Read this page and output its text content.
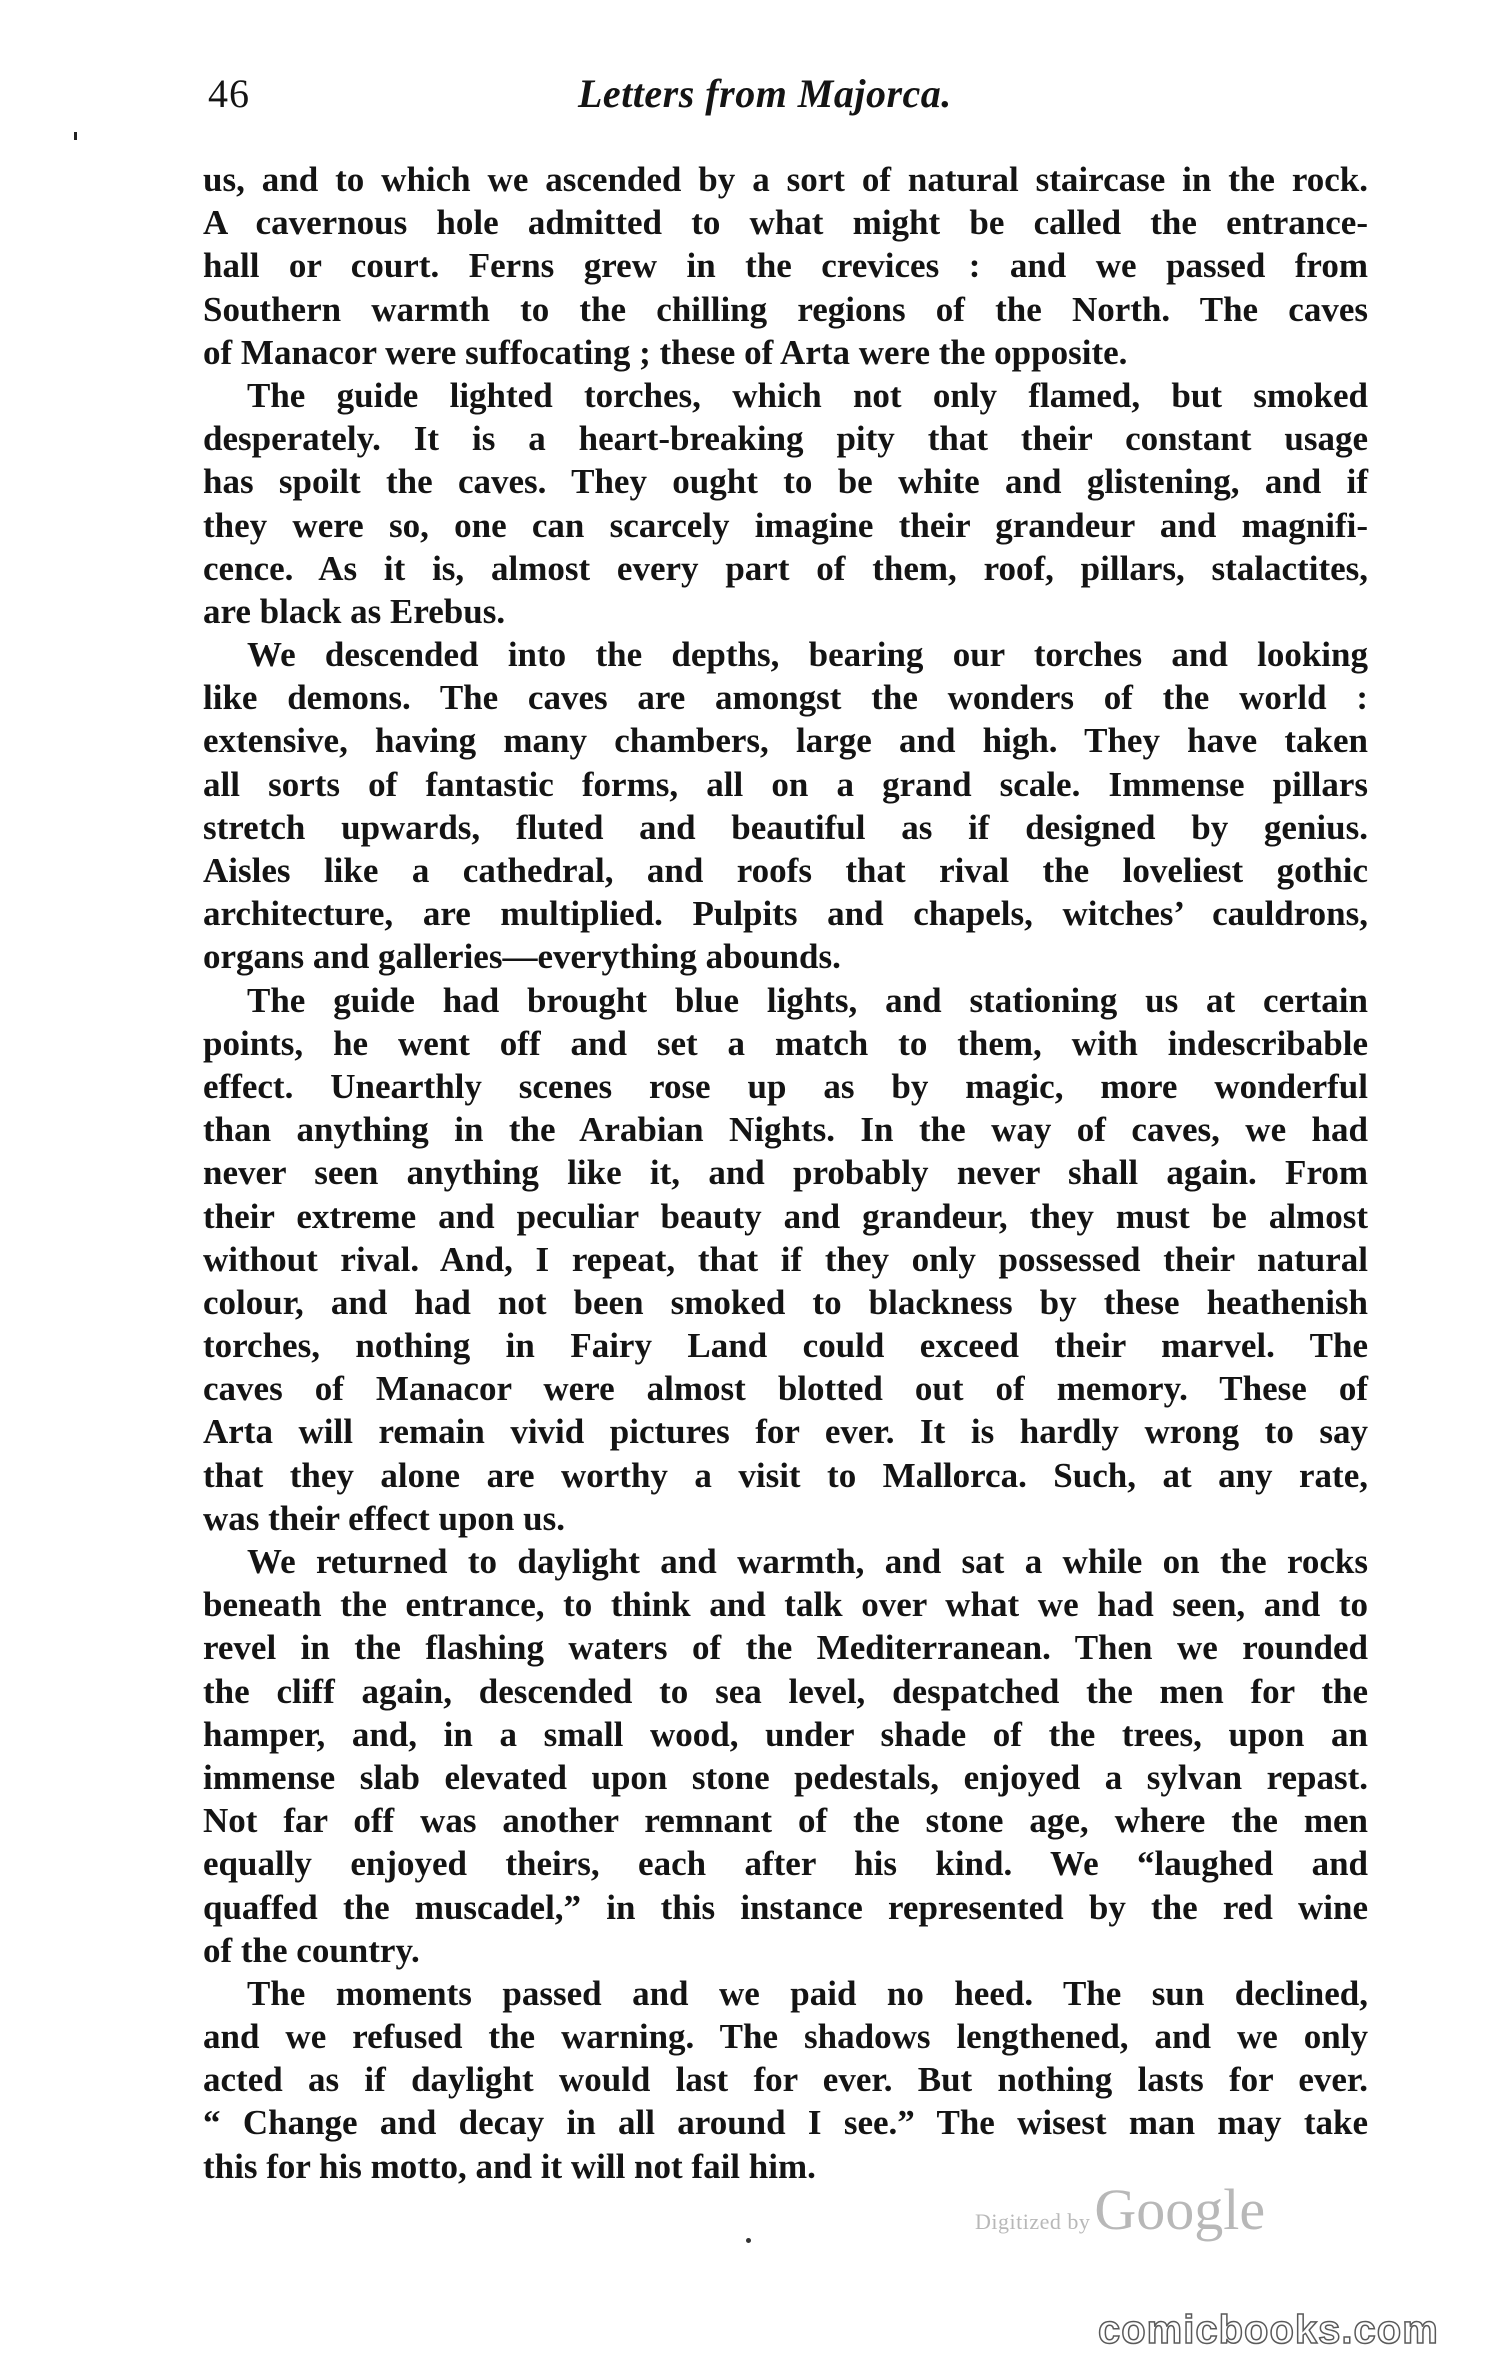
46	Letters from Majorca.
us, and to which we ascended by a sort of natural staircase in the rock.
A cavernous hole admitted to what might be called the entrance-
hall or court. Ferns grew in the crevices : and we passed from
Southern warmth to the chilling regions of the North. The caves
of Manacor were suffocating ; these of Arta were the opposite.
The guide lighted torches, which not only flamed, but smoked
desperately. It is a heart-breaking pity that their constant usage
has spoilt the caves. They ought to be white and glistening, and if
they were so, one can scarcely imagine their grandeur and magnifi-
cence. As it is, almost every part of them, roof, pillars, stalactites,
are black as Erebus.
We descended into the depths, bearing our torches and looking
like demons. The caves are amongst the wonders of the world :
extensive, having many chambers, large and high. They have taken
all sorts of fantastic forms, all on a grand scale. Immense pillars
stretch upwards, fluted and beautiful as if designed by genius.
Aisles like a cathedral, and roofs that rival the loveliest gothic
architecture, are multiplied. Pulpits and chapels, witches’ cauldrons,
organs and galleries—everything abounds.
The guide had brought blue lights, and stationing us at certain
points, he went off and set a match to them, with indescribable
effect. Unearthly scenes rose up as by magic, more wonderful
than anything in the Arabian Nights. In the way of caves, we had
never seen anything like it, and probably never shall again. From
their extreme and peculiar beauty and grandeur, they must be almost
without rival. And, I repeat, that if they only possessed their natural
colour, and had not been smoked to blackness by these heathenish
torches, nothing in Fairy Land could exceed their marvel. The
caves of Manacor were almost blotted out of memory. These of
Arta will remain vivid pictures for ever. It is hardly wrong to say
that they alone are worthy a visit to Mallorca. Such, at any rate,
was their effect upon us.
We returned to daylight and warmth, and sat a while on the rocks
beneath the entrance, to think and talk over what we had seen, and to
revel in the flashing waters of the Mediterranean. Then we rounded
the cliff again, descended to sea level, despatched the men for the
hamper, and, in a small wood, under shade of the trees, upon an
immense slab elevated upon stone pedestals, enjoyed a sylvan repast.
Not far off was another remnant of the stone age, where the men
equally enjoyed theirs, each after his kind. We “laughed and
quaffed the muscadel,” in this instance represented by the red wine
of the country.
The moments passed and we paid no heed. The sun declined,
and we refused the warning. The shadows lengthened, and we only
acted as if daylight would last for ever. But nothing lasts for ever.
“ Change and decay in all around I see.” The wisest man may take
this for his motto, and it will not fail him.
Digitized by Google
comicbooks.com
